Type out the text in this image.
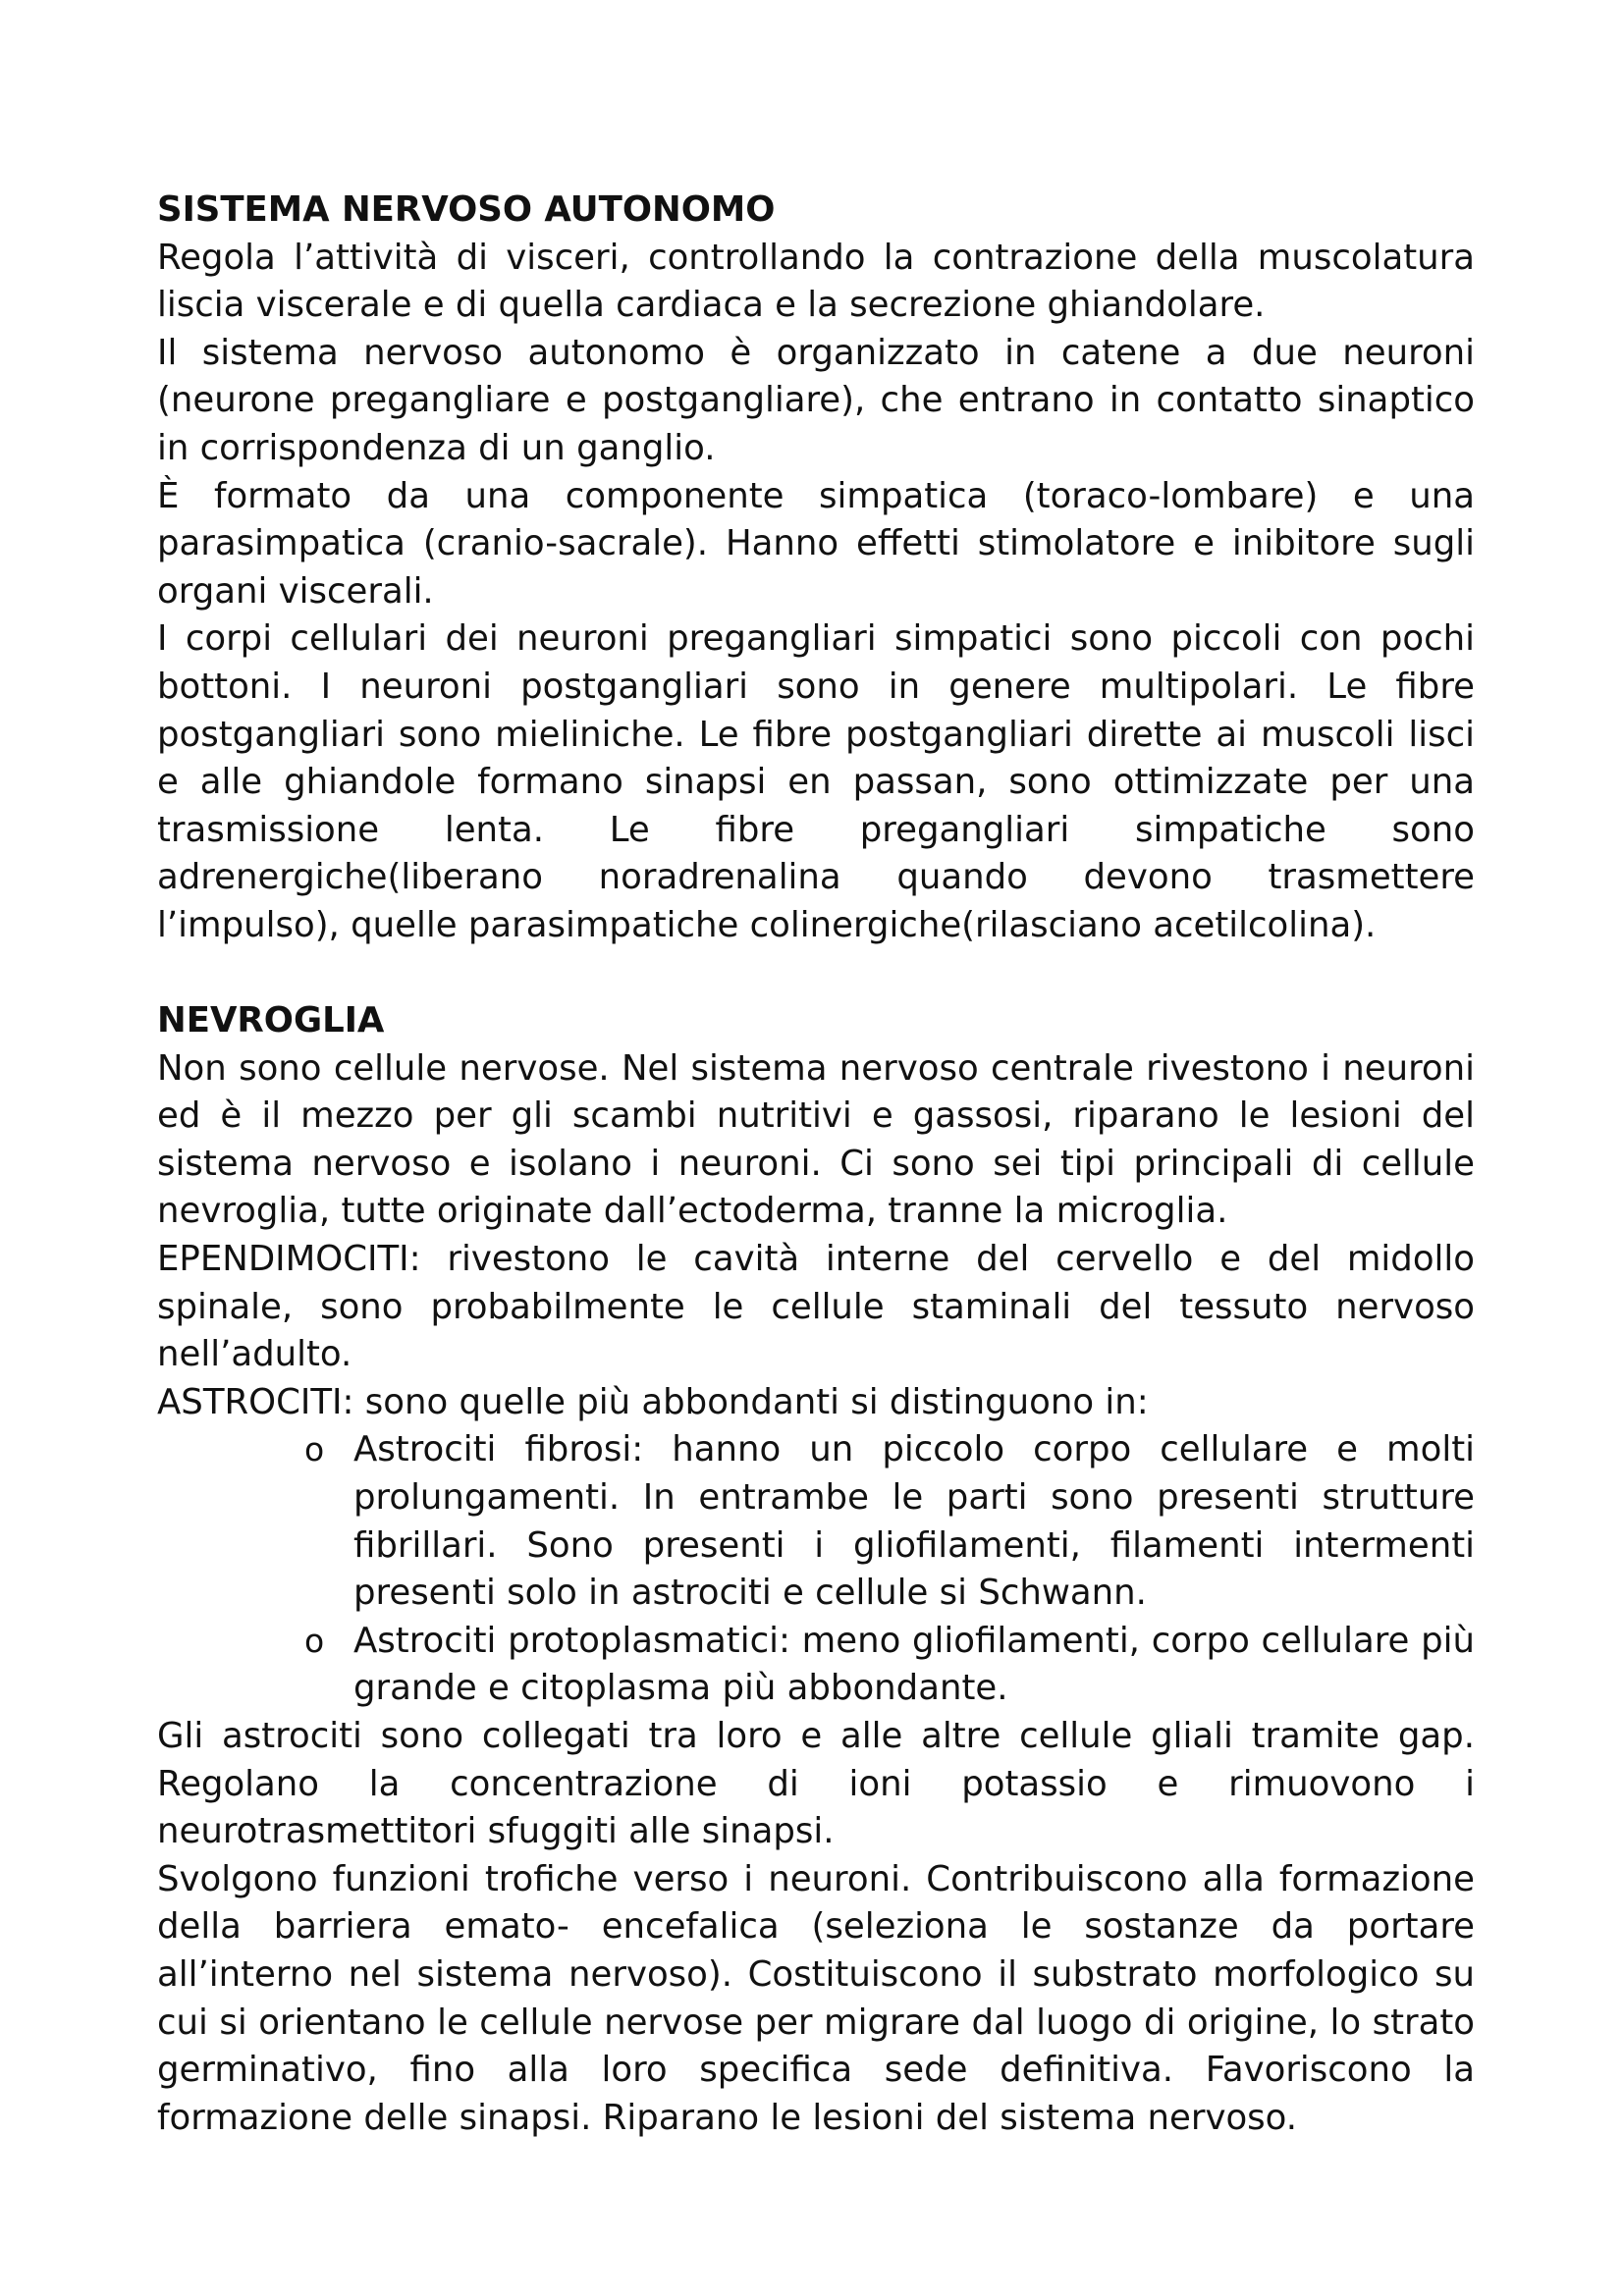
SISTEMA NERVOSO AUTONOMO

Regola l’attività di visceri, controllando la contrazione della muscolatura liscia viscerale e di quella cardiaca e la secrezione ghiandolare.

Il sistema nervoso autonomo è organizzato in catene a due neuroni (neurone pregangliare e postgangliare), che entrano in contatto sinaptico in corrispondenza di un ganglio.

È formato da una componente simpatica (toraco-lombare) e una parasimpatica (cranio-sacrale). Hanno effetti stimolatore e inibitore sugli organi viscerali.

I corpi cellulari dei neuroni pregangliari simpatici sono piccoli con pochi bottoni. I neuroni postgangliari sono in genere multipolari. Le fibre postgangliari sono mieliniche. Le fibre postgangliari dirette ai muscoli lisci e alle ghiandole formano sinapsi en passan, sono ottimizzate per una trasmissione lenta. Le fibre pregangliari simpatiche sono adrenergiche(liberano noradrenalina quando devono trasmettere l’impulso), quelle parasimpatiche colinergiche(rilasciano acetilcolina).

NEVROGLIA

Non sono cellule nervose. Nel sistema nervoso centrale rivestono i neuroni ed è il mezzo per gli scambi nutritivi e gassosi, riparano le lesioni del sistema nervoso e isolano i neuroni. Ci sono sei tipi principali di cellule nevroglia, tutte originate dall’ectoderma, tranne la microglia.

EPENDIMOCITI: rivestono le cavità interne del cervello e del midollo spinale, sono probabilmente le cellule staminali del tessuto nervoso nell’adulto.

ASTROCITI: sono quelle più abbondanti si distinguono in:

o Astrociti fibrosi: hanno un piccolo corpo cellulare e molti prolungamenti. In entrambe le parti sono presenti strutture fibrillari. Sono presenti i gliofilamenti, filamenti intermenti presenti solo in astrociti e cellule si Schwann.
o Astrociti protoplasmatici: meno gliofilamenti, corpo cellulare più grande e citoplasma più abbondante.

Gli astrociti sono collegati tra loro e alle altre cellule gliali tramite gap. Regolano la concentrazione di ioni potassio e rimuovono i neurotrasmettitori sfuggiti alle sinapsi.

Svolgono funzioni trofiche verso i neuroni. Contribuiscono alla formazione della barriera emato- encefalica (seleziona le sostanze da portare all’interno nel sistema nervoso). Costituiscono il substrato morfologico su cui si orientano le cellule nervose per migrare dal luogo di origine, lo strato germinativo, fino alla loro specifica sede definitiva. Favoriscono la formazione delle sinapsi. Riparano le lesioni del sistema nervoso.
